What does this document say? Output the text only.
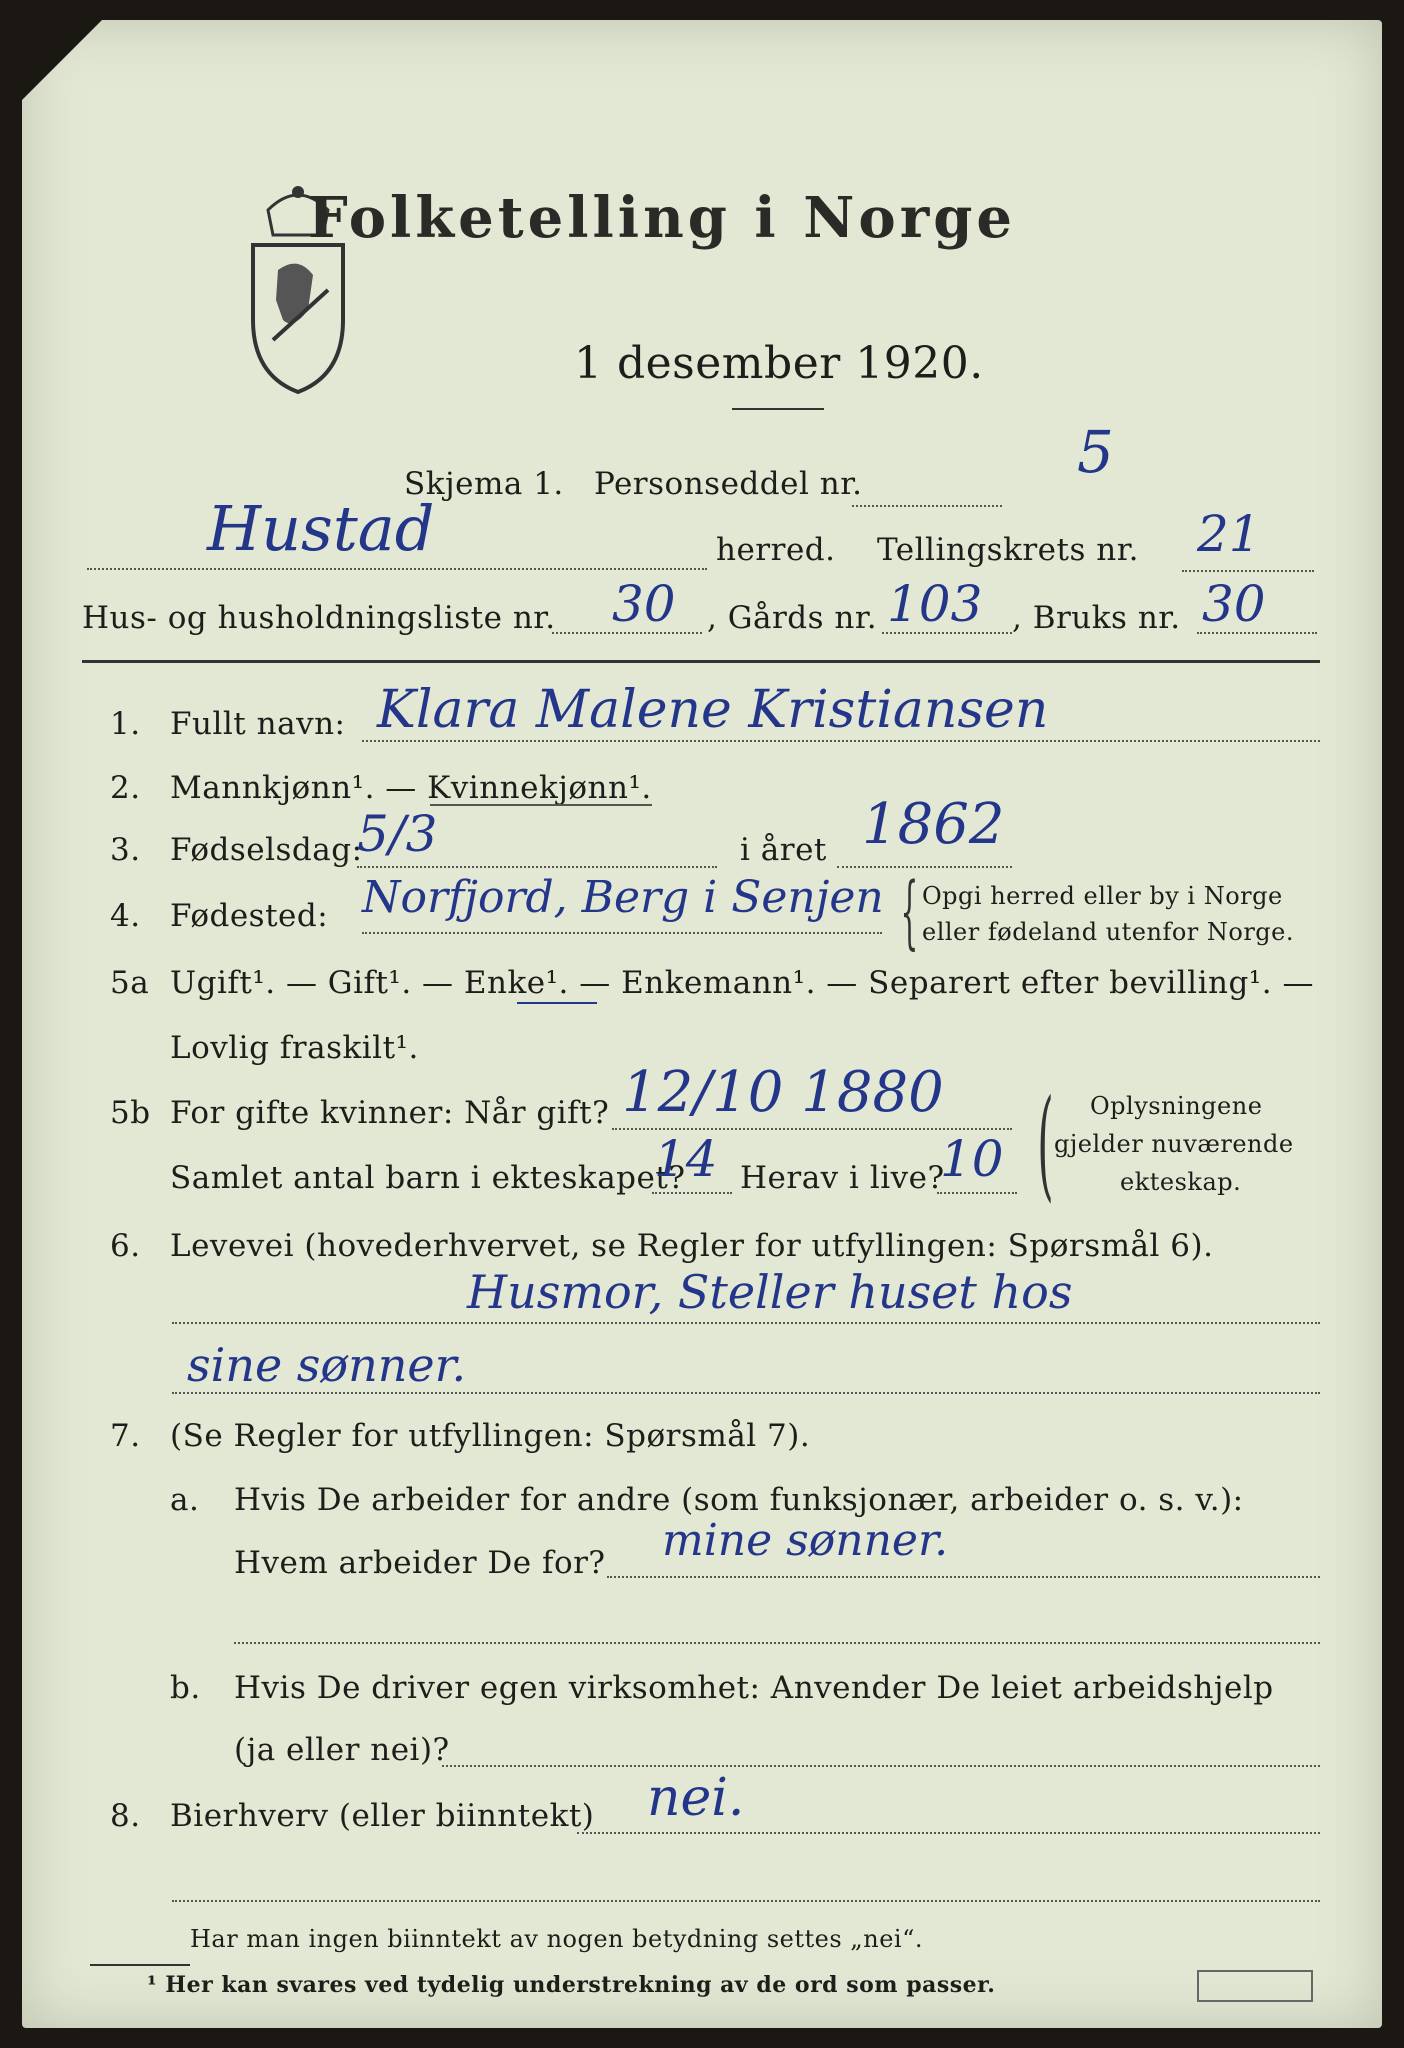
Folketelling i Norge
1 desember 1920.
Skjema 1. Personseddel nr.	5
Hustad	herred. Tellingskrets nr. 21
Hus- og husholdningsliste nr. 30 , Gårds nr. 103 , Bruks nr. 30
1. Fullt navn: Klara Malene Kristiansen
2. Mannkjønn¹. — Kvinnekjønn¹.
3. Fødselsdag:
5/3	i året 1862
4. Fødested: Norfjord, Berg i Senjen { Opgi herred eller by i Norge
eller fødeland utenfor Norge.
5a Ugift¹. — Gift¹. — Enke¹. — Enkemann¹. — Separert efter bevilling¹. —
Lovlig fraskilt¹.
5b For gifte kvinner: Når gift? 12/10 1880
Samlet antal barn i ekteskapet?
14 Herav i live?
10 ( Oplysningene
gjelder nuværende
ekteskap.
6. Levevei (hovederhvervet, se Regler for utfyllingen: Spørsmål 6).
Husmor, Steller huset hos
sine sønner.
7. (Se Regler for utfyllingen: Spørsmål 7).
a. Hvis De arbeider for andre (som funksjonær, arbeider o. s. v.):
Hvem arbeider De for? mine sønner.
b. Hvis De driver egen virksomhet: Anvender De leiet arbeidshjelp
(ja eller nei)?
8. Bierhverv (eller biinntekt) nei.
Har man ingen biinntekt av nogen betydning settes „nei“.
¹ Her kan svares ved tydelig understrekning av de ord som passer.
